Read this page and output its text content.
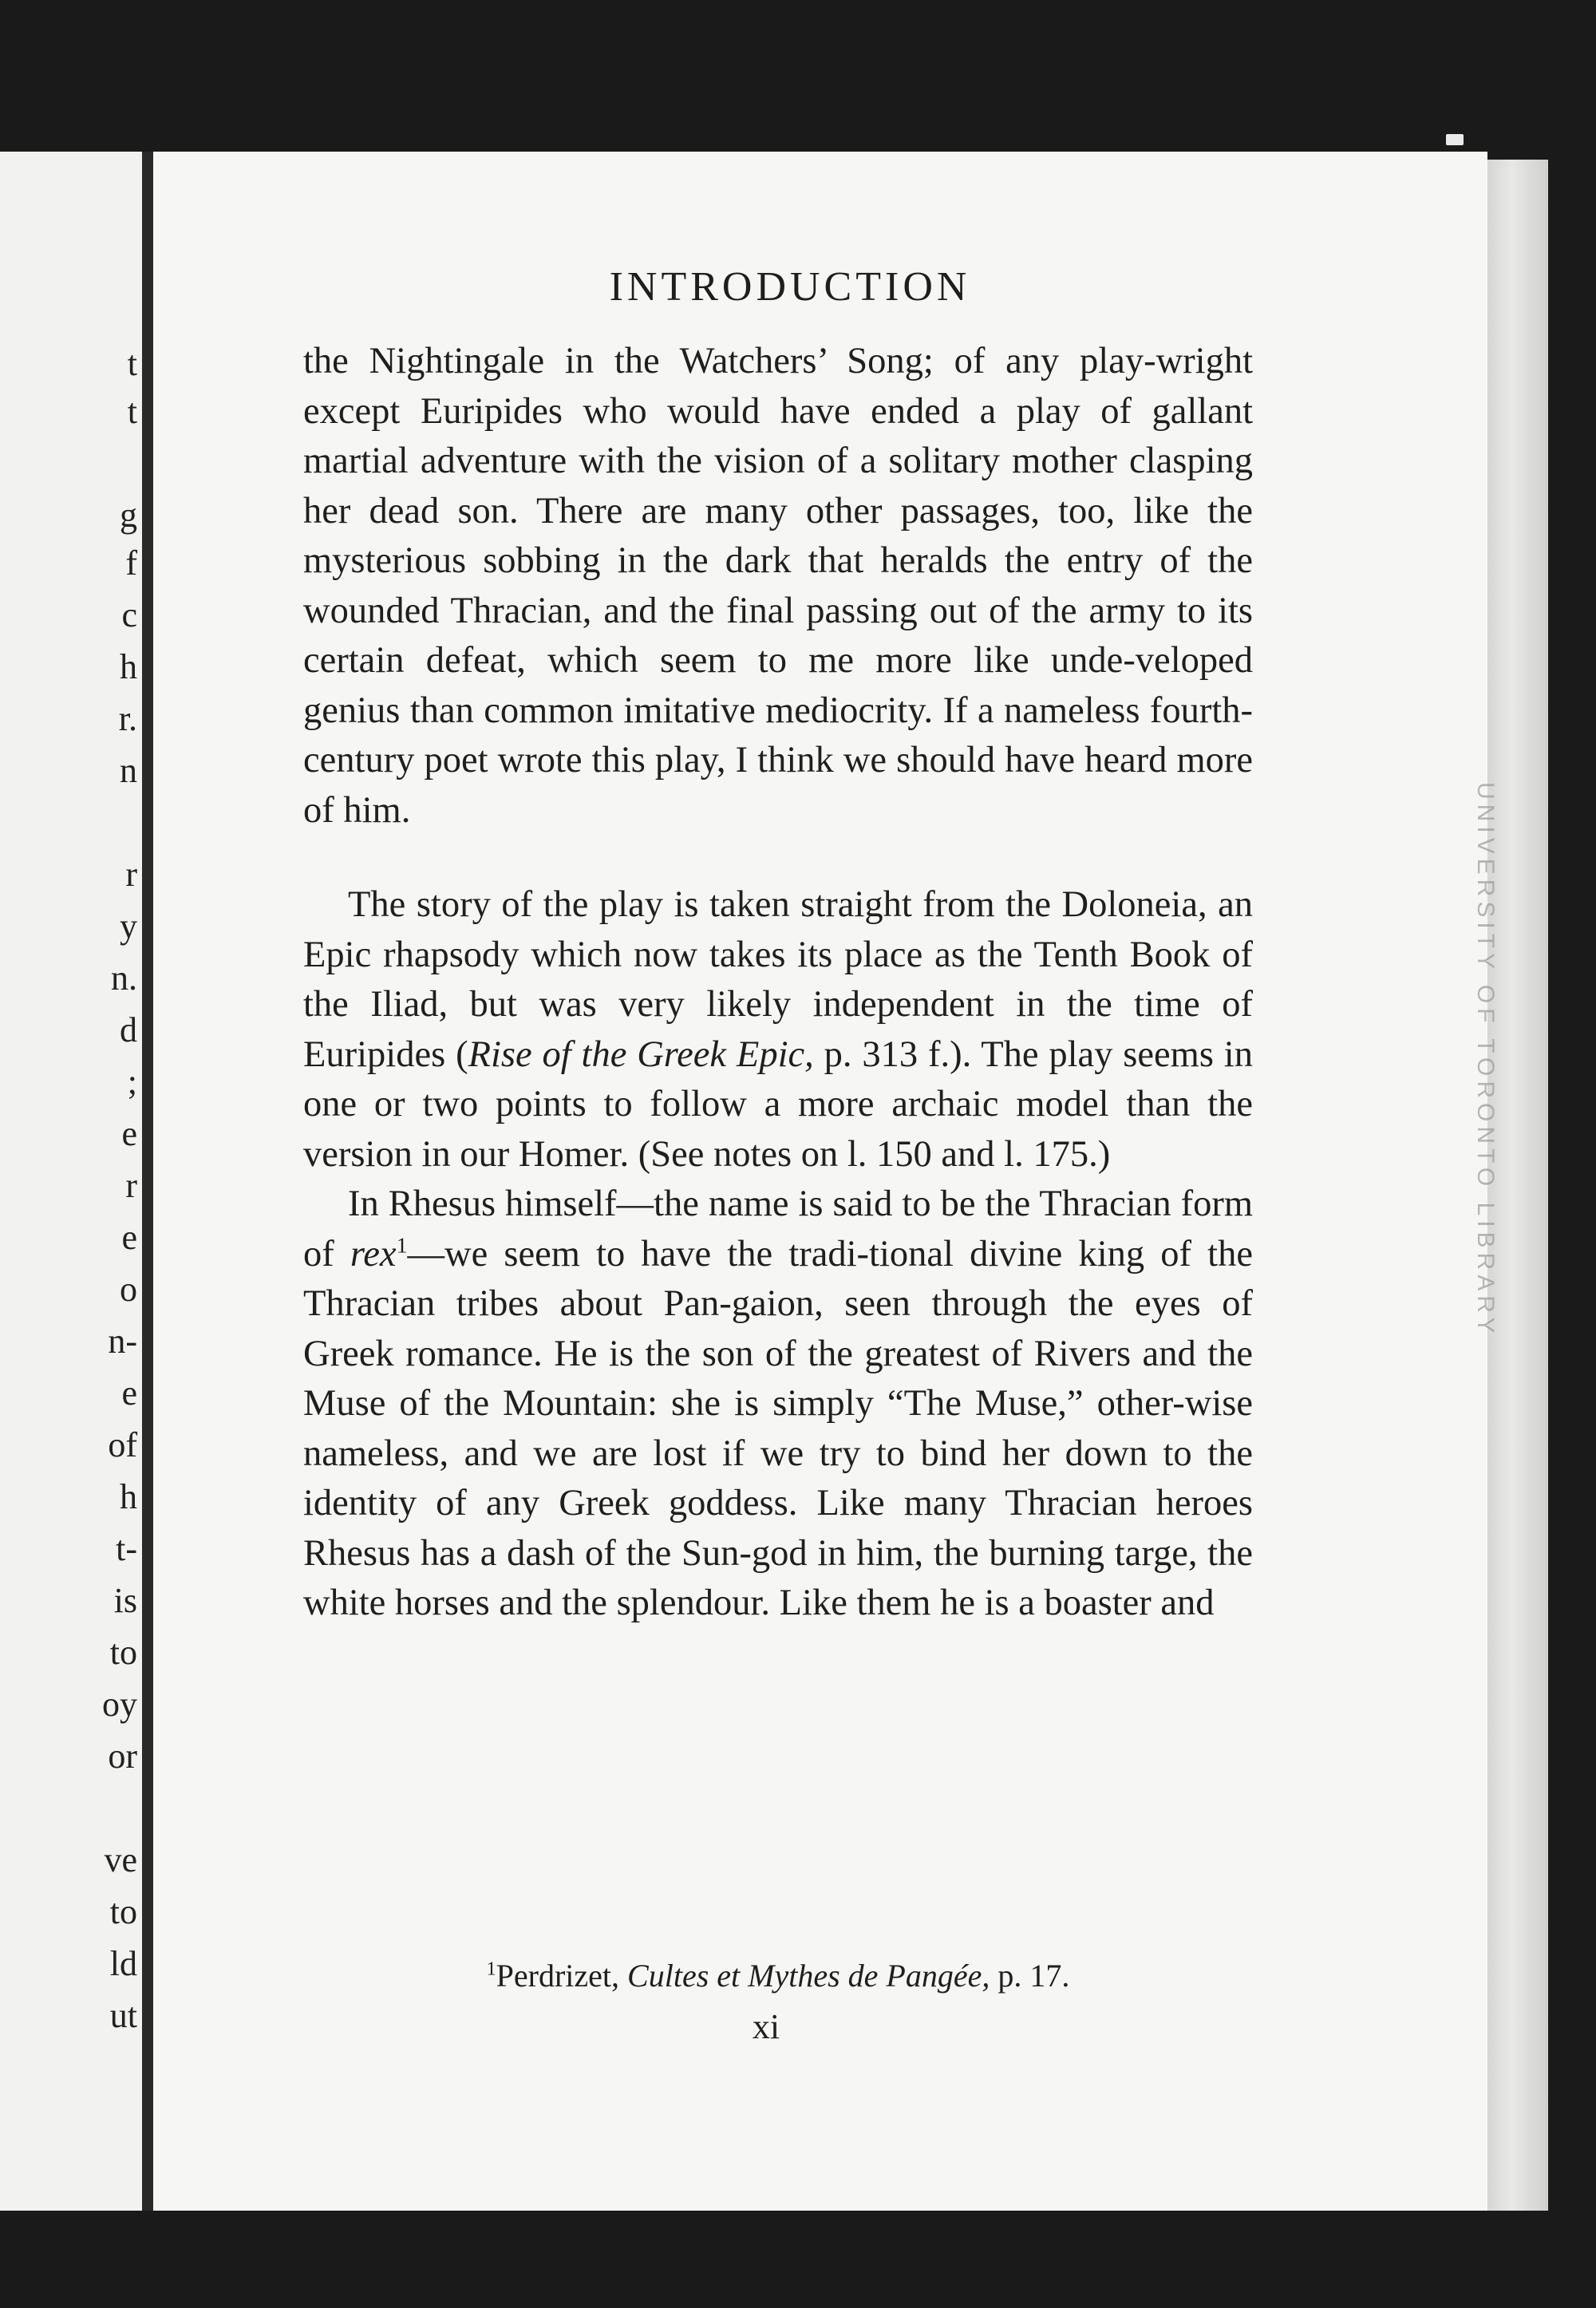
t
t
g
f
c
h
r.
n
r
y
n.
d
;
e
r
e
o
n-
e
of
h
t-
is
to
oy
or
ve
to
ld
ut
UNIVERSITY OF TORONTO LIBRARY
INTRODUCTION

the Nightingale in the Watchers’ Song; of any play-wright except Euripides who would have ended a play of gallant martial adventure with the vision of a solitary mother clasping her dead son. There are many other passages, too, like the mysterious sobbing in the dark that heralds the entry of the wounded Thracian, and the final passing out of the army to its certain defeat, which seem to me more like unde-veloped genius than common imitative mediocrity. If a nameless fourth-century poet wrote this play, I think we should have heard more of him.

The story of the play is taken straight from the Doloneia, an Epic rhapsody which now takes its place as the Tenth Book of the Iliad, but was very likely independent in the time of Euripides (Rise of the Greek Epic, p. 313 f.). The play seems in one or two points to follow a more archaic model than the version in our Homer. (See notes on l. 150 and l. 175.)

In Rhesus himself—the name is said to be the Thracian form of rex$^1$—we seem to have the tradi-tional divine king of the Thracian tribes about Pan-gaion, seen through the eyes of Greek romance. He is the son of the greatest of Rivers and the Muse of the Mountain: she is simply “The Muse,” other-wise nameless, and we are lost if we try to bind her down to the identity of any Greek goddess. Like many Thracian heroes Rhesus has a dash of the Sun-god in him, the burning targe, the white horses and the splendour. Like them he is a boaster and

$^1$Perdrizet, Cultes et Mythes de Pangée, p. 17.
xi
